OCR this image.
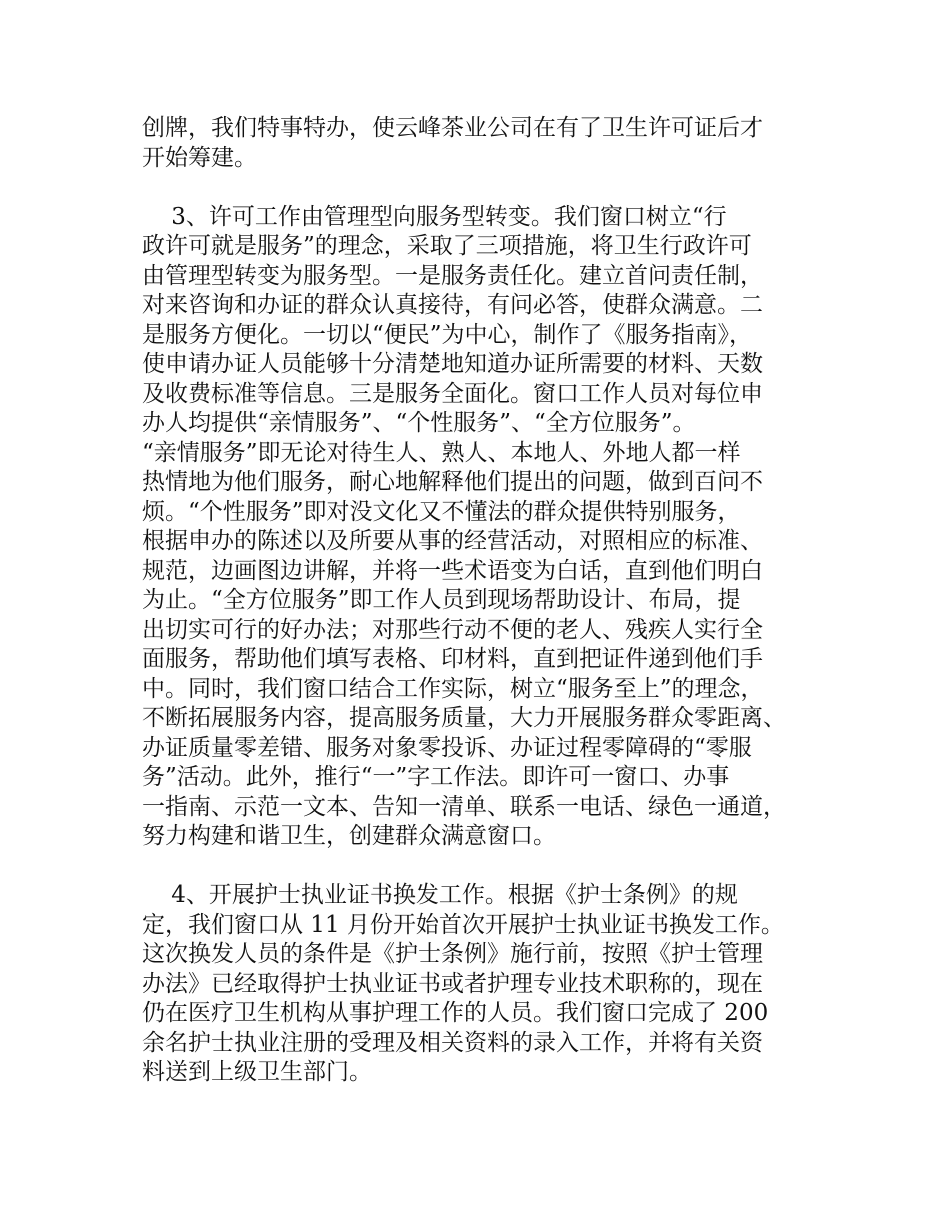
创牌，我们特事特办，使云峰茶业公司在有了卫生许可证后才
开始筹建。
3、许可工作由管理型向服务型转变。我们窗口树立“行
政许可就是服务”的理念，采取了三项措施，将卫生行政许可
由管理型转变为服务型。一是服务责任化。建立首问责任制，
对来咨询和办证的群众认真接待，有问必答，使群众满意。二
是服务方便化。一切以“便民”为中心，制作了《服务指南》，
使申请办证人员能够十分清楚地知道办证所需要的材料、天数
及收费标准等信息。三是服务全面化。窗口工作人员对每位申
办人均提供“亲情服务”、“个性服务”、“全方位服务”。
“亲情服务”即无论对待生人、熟人、本地人、外地人都一样
热情地为他们服务，耐心地解释他们提出的问题，做到百问不
烦。“个性服务”即对没文化又不懂法的群众提供特别服务，
根据申办的陈述以及所要从事的经营活动，对照相应的标准、
规范，边画图边讲解，并将一些术语变为白话，直到他们明白
为止。“全方位服务”即工作人员到现场帮助设计、布局，提
出切实可行的好办法；对那些行动不便的老人、残疾人实行全
面服务，帮助他们填写表格、印材料，直到把证件递到他们手
中。同时，我们窗口结合工作实际，树立“服务至上”的理念，
不断拓展服务内容，提高服务质量，大力开展服务群众零距离、
办证质量零差错、服务对象零投诉、办证过程零障碍的“零服
务”活动。此外，推行“一”字工作法。即许可一窗口、办事
一指南、示范一文本、告知一清单、联系一电话、绿色一通道，
努力构建和谐卫生，创建群众满意窗口。
4、开展护士执业证书换发工作。根据《护士条例》的规
定，我们窗口从 11 月份开始首次开展护士执业证书换发工作。
这次换发人员的条件是《护士条例》施行前，按照《护士管理
办法》已经取得护士执业证书或者护理专业技术职称的，现在
仍在医疗卫生机构从事护理工作的人员。我们窗口完成了 200
余名护士执业注册的受理及相关资料的录入工作，并将有关资
料送到上级卫生部门。
